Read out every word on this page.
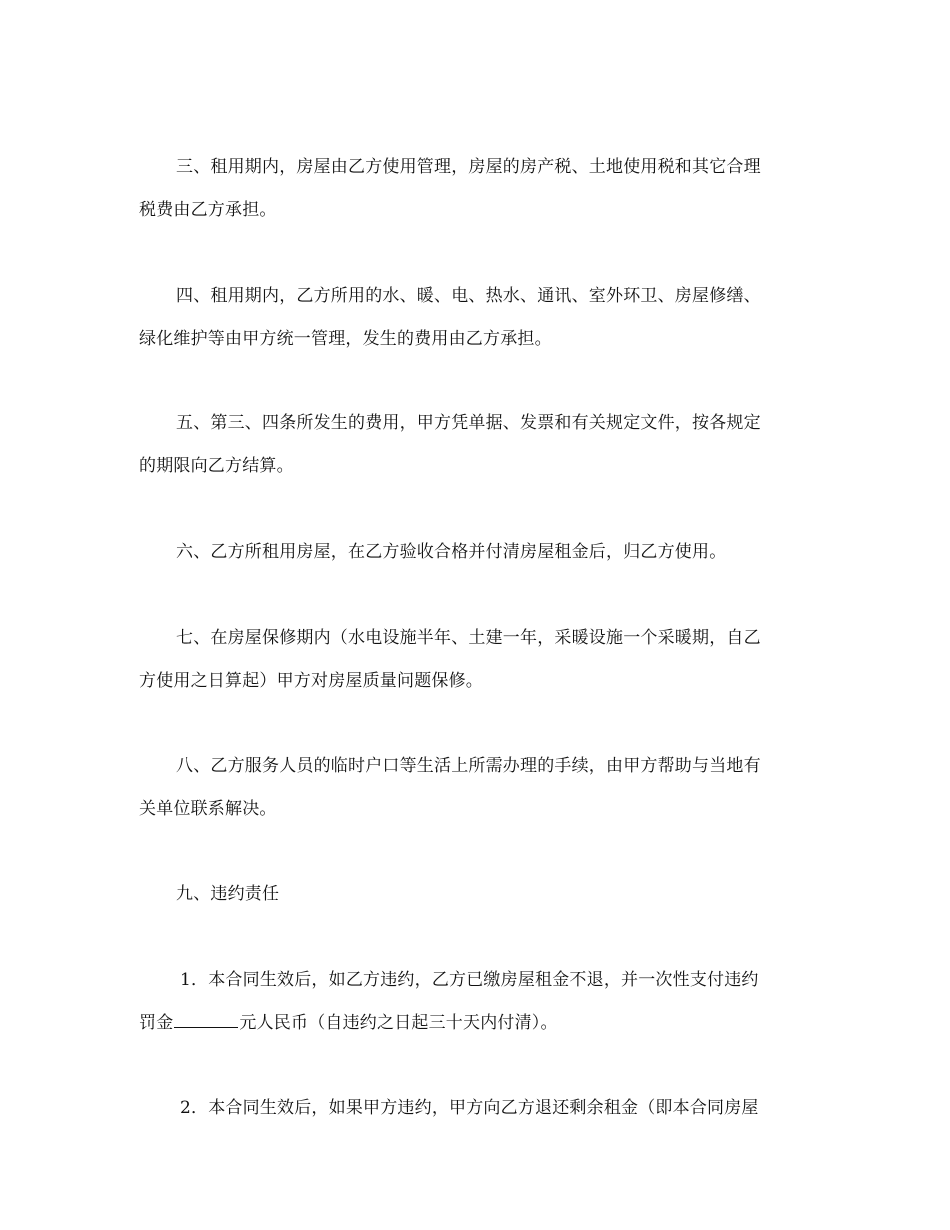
三、租用期内，房屋由乙方使用管理，房屋的房产税、土地使用税和其它合理
税费由乙方承担。
四、租用期内，乙方所用的水、暖、电、热水、通讯、室外环卫、房屋修缮、
绿化维护等由甲方统一管理，发生的费用由乙方承担。
五、第三、四条所发生的费用，甲方凭单据、发票和有关规定文件，按各规定
的期限向乙方结算。
六、乙方所租用房屋，在乙方验收合格并付清房屋租金后，归乙方使用。
七、在房屋保修期内（水电设施半年、土建一年，采暖设施一个采暖期，自乙
方使用之日算起）甲方对房屋质量问题保修。
八、乙方服务人员的临时户口等生活上所需办理的手续，由甲方帮助与当地有
关单位联系解决。
九、违约责任
1．本合同生效后，如乙方违约，乙方已缴房屋租金不退，并一次性支付违约
罚金	元人民币（自违约之日起三十天内付清）。
2．本合同生效后，如果甲方违约，甲方向乙方退还剩余租金（即本合同房屋
